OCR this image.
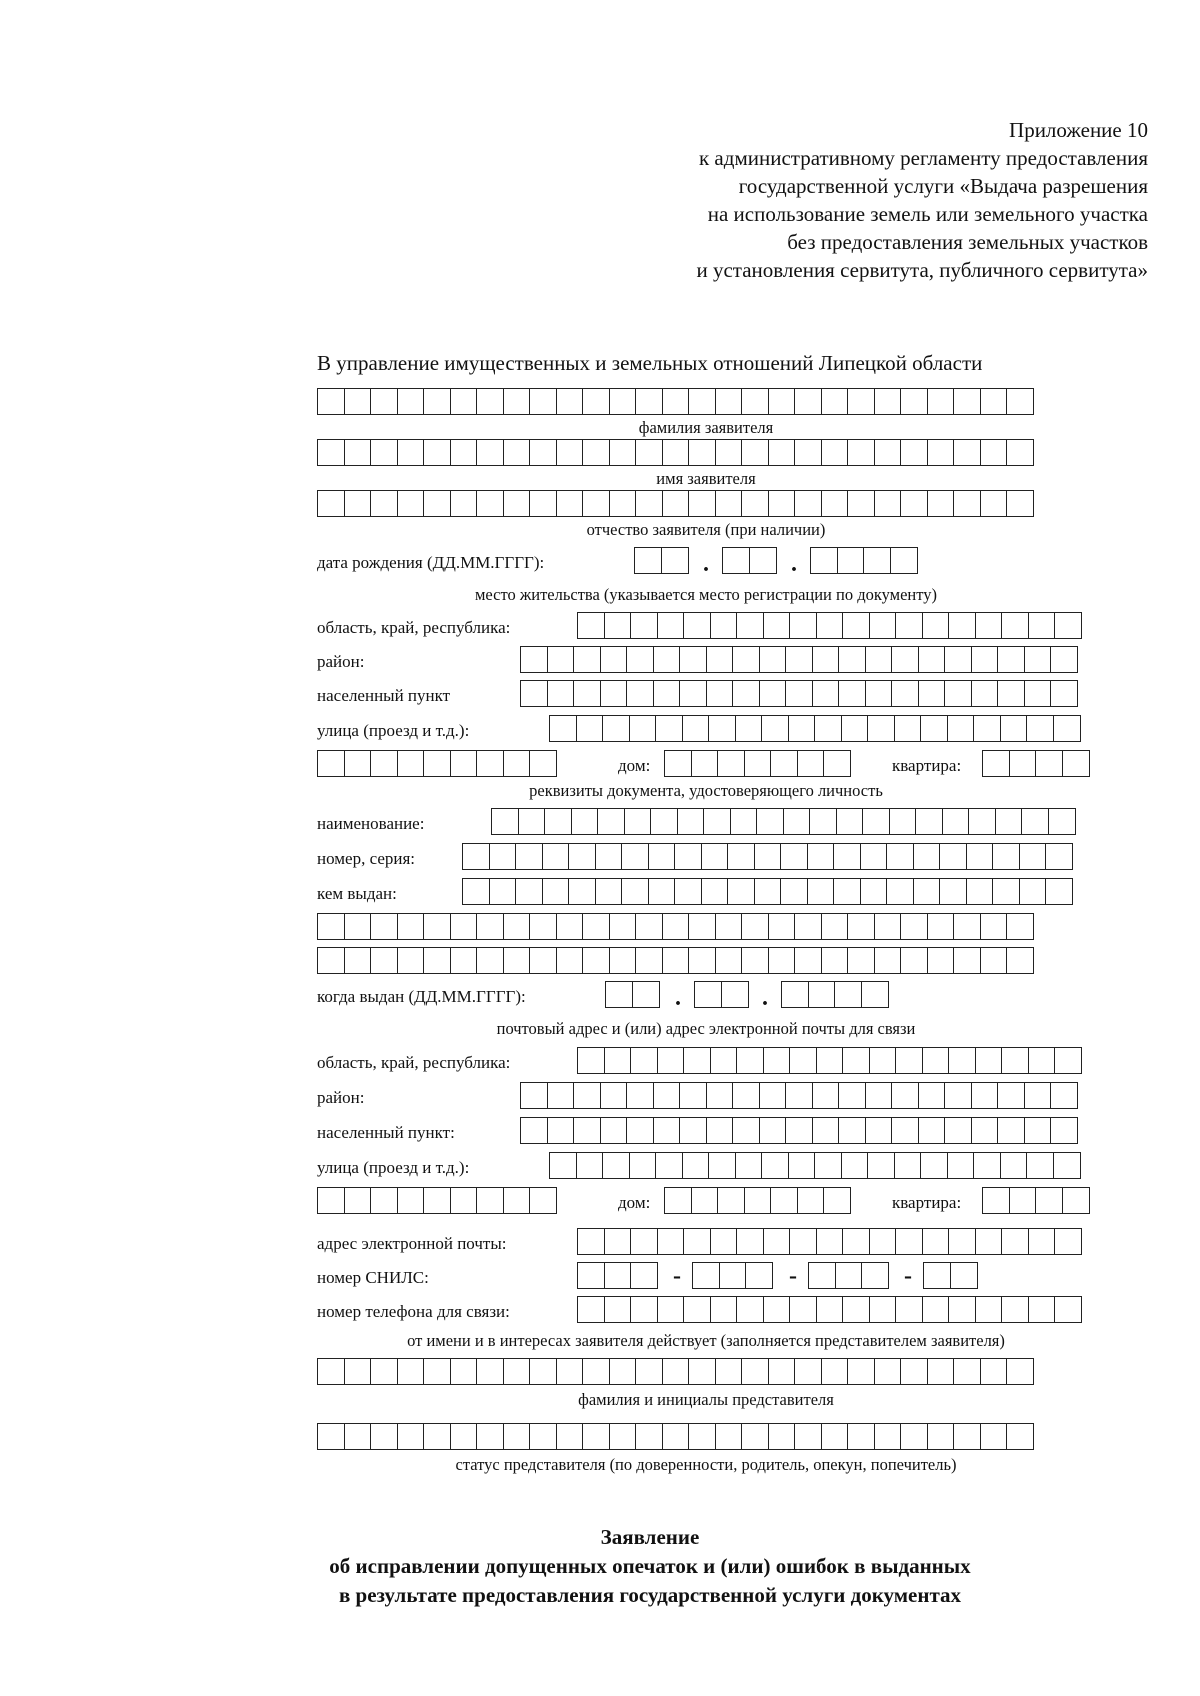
Приложение 10
к административному регламенту предоставления
государственной услуги «Выдача разрешения
на использование земель или земельного участка
без предоставления земельных участков
и установления сервитута, публичного сервитута»
В управление имущественных и земельных отношений Липецкой области
фамилия заявителя
имя заявителя
отчество заявителя (при наличии)
дата рождения (ДД.ММ.ГГГГ):	.	.
место жительства (указывается место регистрации по документу)
область, край, республика:
район:
населенный пункт
улица (проезд и т.д.):
дом:	квартира:
реквизиты документа, удостоверяющего личность
наименование:
номер, серия:
кем выдан:
когда выдан (ДД.ММ.ГГГГ):	.	.
почтовый адрес и (или) адрес электронной почты для связи
область, край, республика:
район:
населенный пункт:
улица (проезд и т.д.):
дом:	квартира:
адрес электронной почты:
номер СНИЛС:	-	-	-
номер телефона для связи:
от имени и в интересах заявителя действует (заполняется представителем заявителя)
фамилия и инициалы представителя
статус представителя (по доверенности, родитель, опекун, попечитель)
Заявление
об исправлении допущенных опечаток и (или) ошибок в выданных
в результате предоставления государственной услуги документах
